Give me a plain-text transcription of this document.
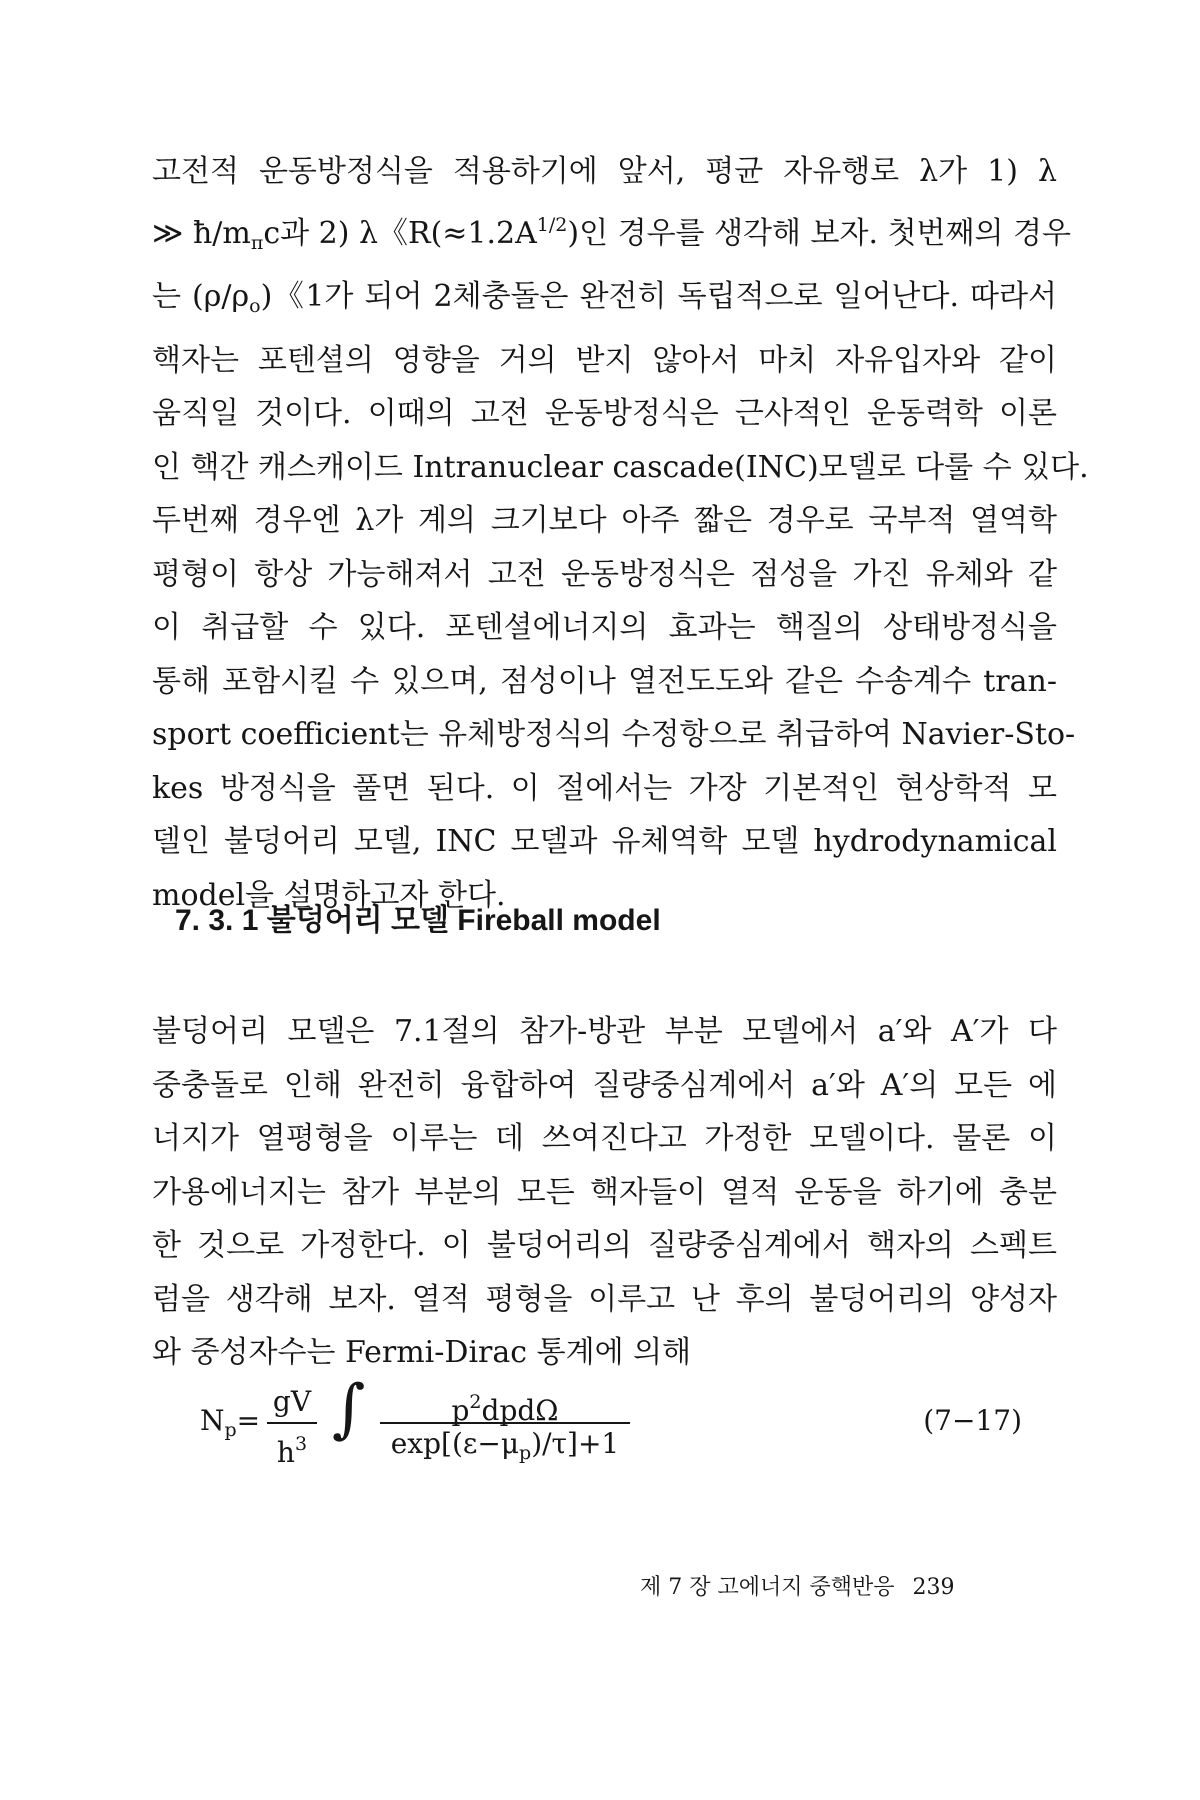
고전적 운동방정식을 적용하기에 앞서, 평균 자유행로 λ가 1) λ
≫ $ħ/m_\pi c$과 2) λ《$R(\approx 1.2A^{1/2})$인 경우를 생각해 보자. 첫번째의 경우
는 $(\rho/\rho_o)$《1가 되어 2체충돌은 완전히 독립적으로 일어난다. 따라서
핵자는 포텐셜의 영향을 거의 받지 않아서 마치 자유입자와 같이
움직일 것이다. 이때의 고전 운동방정식은 근사적인 운동력학 이론
인 핵간 캐스캐이드 Intranuclear cascade(INC)모델로 다룰 수 있다.
두번째 경우엔 λ가 계의 크기보다 아주 짧은 경우로 국부적 열역학
평형이 항상 가능해져서 고전 운동방정식은 점성을 가진 유체와 같
이 취급할 수 있다. 포텐셜에너지의 효과는 핵질의 상태방정식을
통해 포함시킬 수 있으며, 점성이나 열전도도와 같은 수송계수 tran-
sport coefficient는 유체방정식의 수정항으로 취급하여 Navier-Sto-
kes 방정식을 풀면 된다. 이 절에서는 가장 기본적인 현상학적 모
델인 불덩어리 모델, INC 모델과 유체역학 모델 hydrodynamical
model을 설명하고자 한다.
7. 3. 1 불덩어리 모델 Fireball model
불덩어리 모델은 7.1절의 참가-방관 부분 모델에서 a′와 A′가 다
중충돌로 인해 완전히 융합하여 질량중심계에서 a′와 A′의 모든 에
너지가 열평형을 이루는 데 쓰여진다고 가정한 모델이다. 물론 이
가용에너지는 참가 부분의 모든 핵자들이 열적 운동을 하기에 충분
한 것으로 가정한다. 이 불덩어리의 질량중심계에서 핵자의 스펙트
럼을 생각해 보자. 열적 평형을 이루고 난 후의 불덩어리의 양성자
와 중성자수는 Fermi-Dirac 통계에 의해
$N_p= \frac{gV}{h^3}$ ∫	$p^2dpd\Omega$
$\exp[(\varepsilon-\mu_p)/\tau]+1$
(7−17)
제 7 장 고에너지 중핵반응 239
